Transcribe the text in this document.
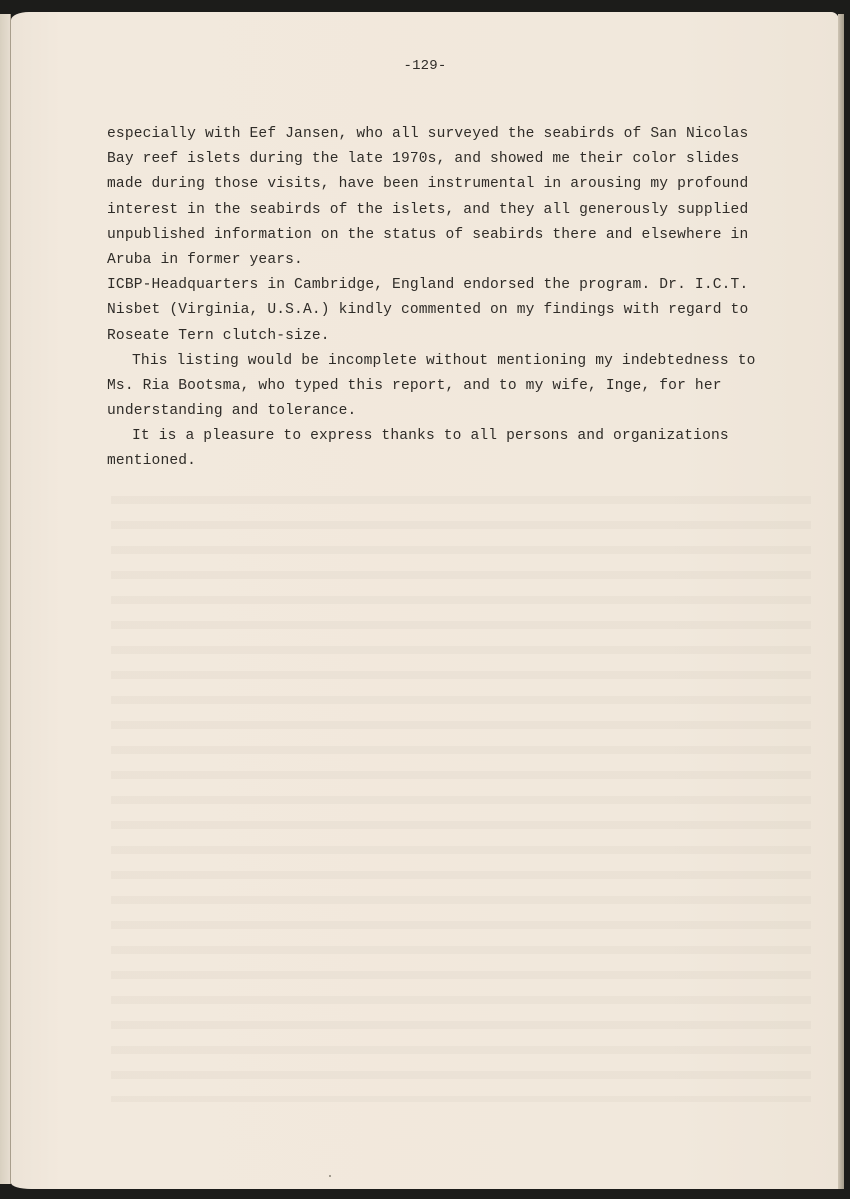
-129-
especially with Eef Jansen, who all surveyed the seabirds of San Nicolas
Bay reef islets during the late 1970s, and showed me their color slides
made during those visits, have been instrumental in arousing my profound
interest in the seabirds of the islets, and they all generously supplied
unpublished information on the status of seabirds there and elsewhere in
Aruba in former years.
ICBP-Headquarters in Cambridge, England endorsed the program. Dr. I.C.T.
Nisbet (Virginia, U.S.A.) kindly commented on my findings with regard to
Roseate Tern clutch-size.
This listing would be incomplete without mentioning my indebtedness to
Ms. Ria Bootsma, who typed this report, and to my wife, Inge, for her
understanding and tolerance.
It is a pleasure to express thanks to all persons and organizations
mentioned.
